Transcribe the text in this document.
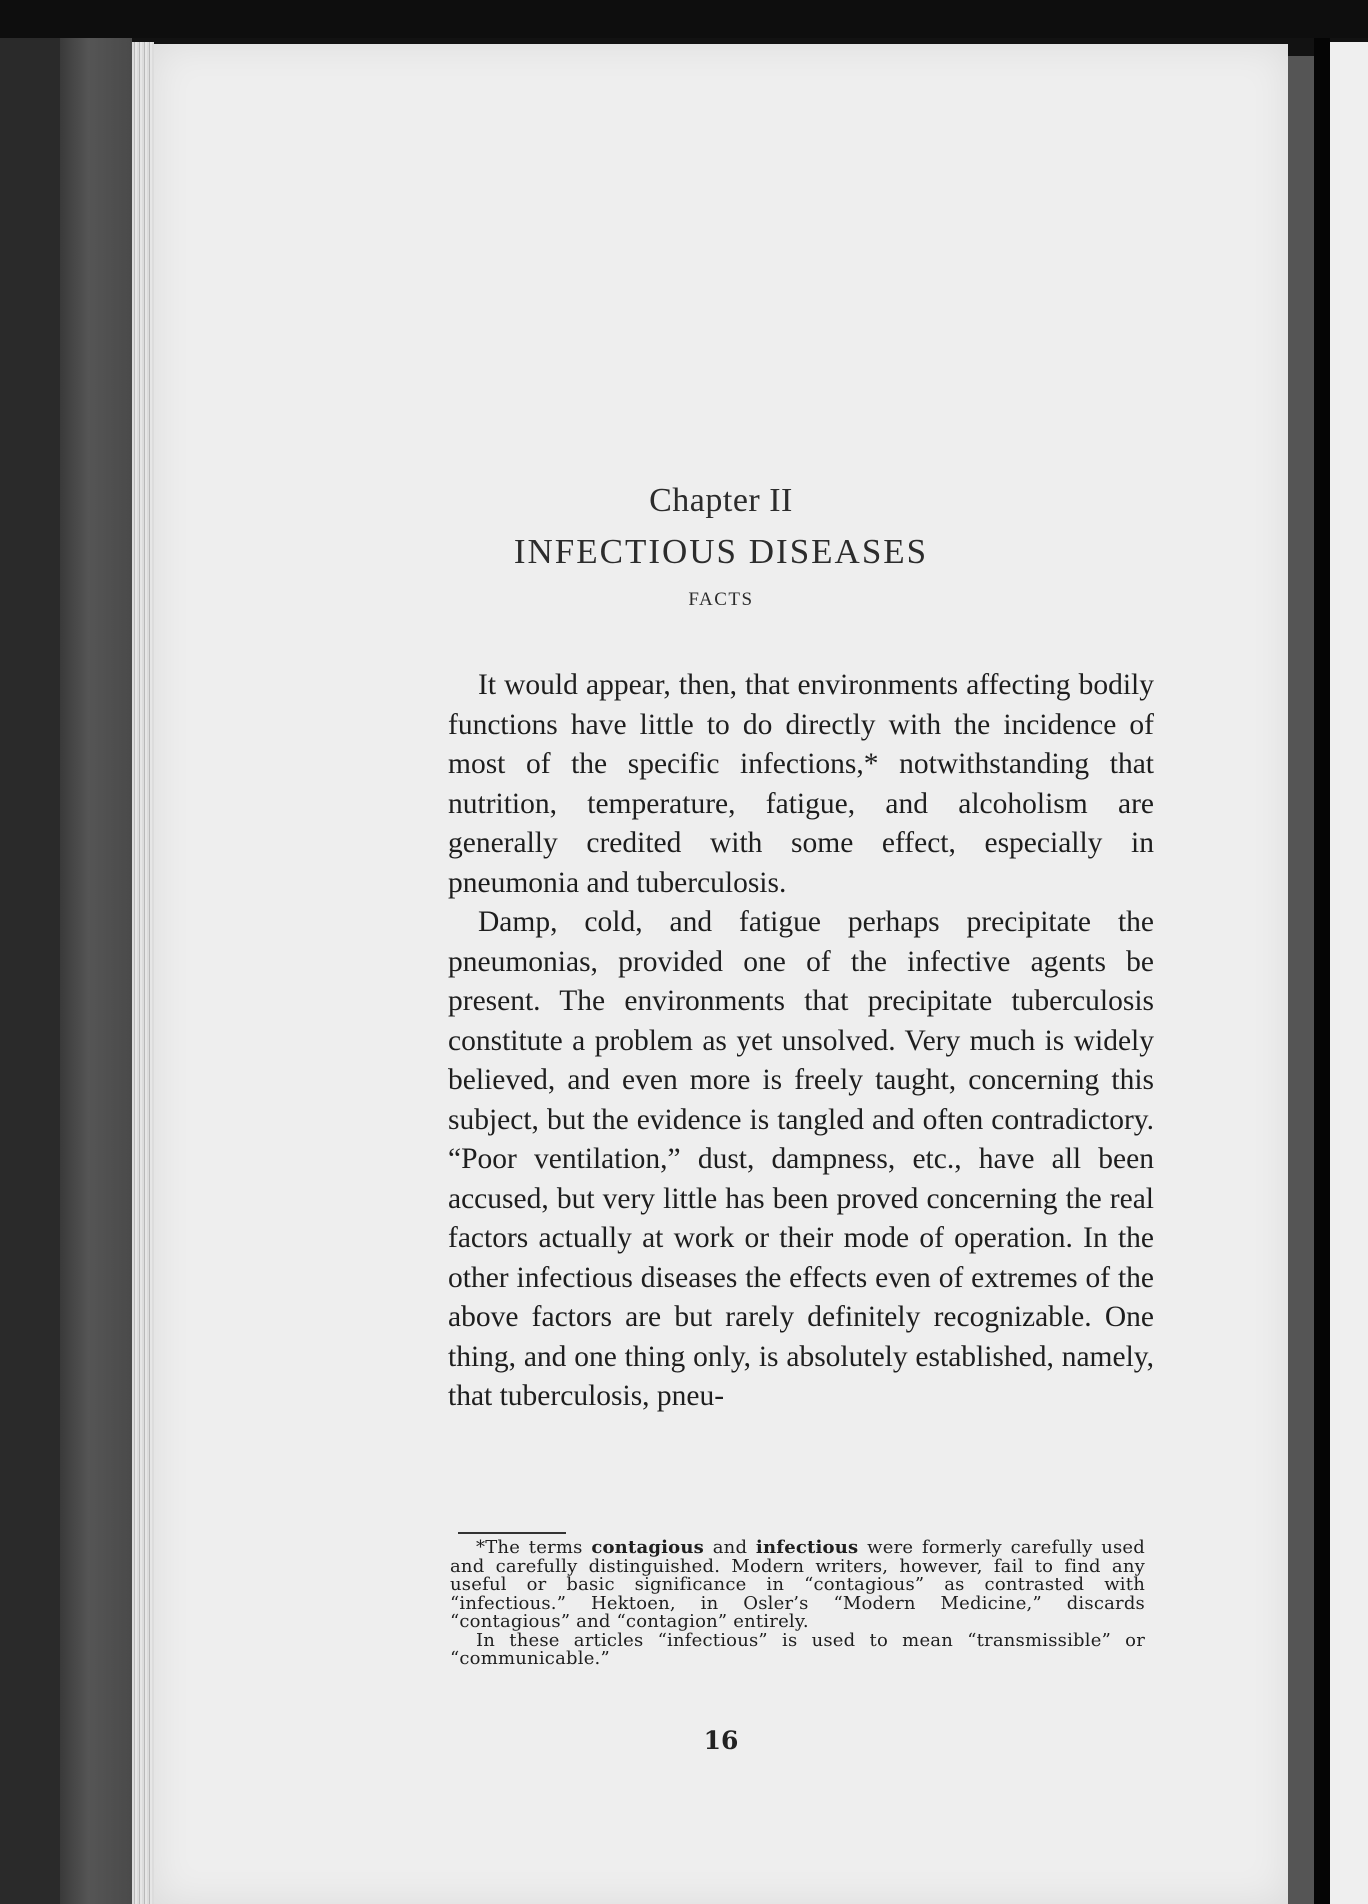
Chapter II
INFECTIOUS DISEASES
FACTS

It would appear, then, that environments affecting bodily functions have little to do directly with the incidence of most of the specific infections,* notwithstanding that nutrition, temperature, fatigue, and alcoholism are generally credited with some effect, especially in pneumonia and tuberculosis.

Damp, cold, and fatigue perhaps precipitate the pneumonias, provided one of the infective agents be present. The environments that precipitate tuberculosis constitute a problem as yet unsolved. Very much is widely believed, and even more is freely taught, concerning this subject, but the evidence is tangled and often contradictory. “Poor ventilation,” dust, dampness, etc., have all been accused, but very little has been proved concerning the real factors actually at work or their mode of operation. In the other infectious diseases the effects even of extremes of the above factors are but rarely definitely recognizable. One thing, and one thing only, is absolutely established, namely, that tuberculosis, pneu-

*The terms contagious and infectious were formerly carefully used and carefully distinguished. Modern writers, however, fail to find any useful or basic significance in “contagious” as contrasted with “infectious.” Hektoen, in Osler’s “Modern Medicine,” discards “contagious” and “contagion” entirely.

In these articles “infectious” is used to mean “transmissible” or “communicable.”

16
